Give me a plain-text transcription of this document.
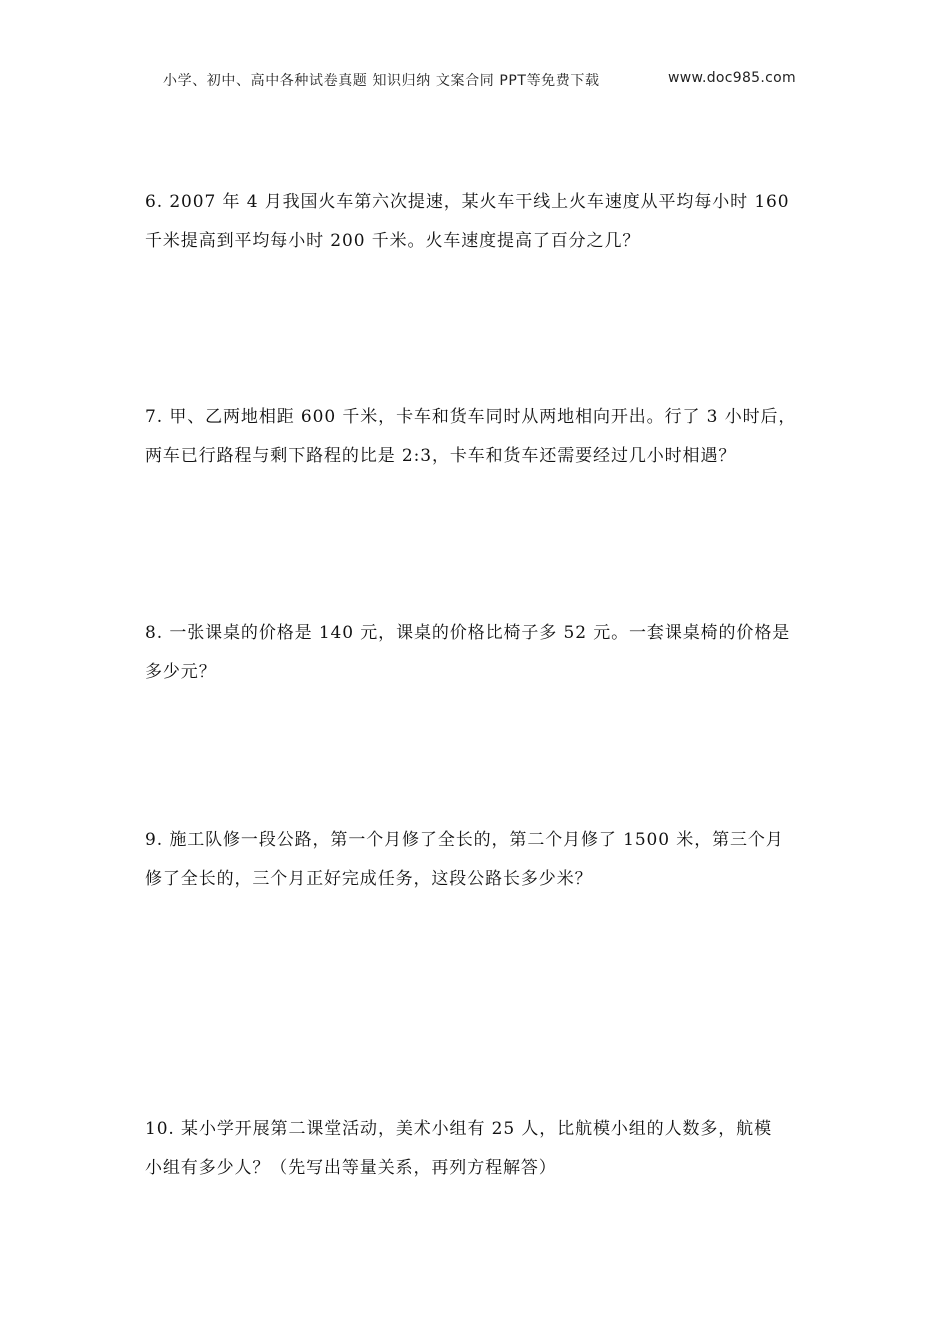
小学、初中、高中各种试卷真题 知识归纳 文案合同 PPT等免费下载	www.doc985.com

6. 2007 年 4 月我国火车第六次提速，某火车干线上火车速度从平均每小时 160

千米提高到平均每小时 200 千米。火车速度提高了百分之几？

7. 甲、乙两地相距 600 千米，卡车和货车同时从两地相向开出。行了 3 小时后，

两车已行路程与剩下路程的比是 2:3，卡车和货车还需要经过几小时相遇？

8. 一张课桌的价格是 140 元，课桌的价格比椅子多 52 元。一套课桌椅的价格是

多少元？

9. 施工队修一段公路，第一个月修了全长的，第二个月修了 1500 米，第三个月

修了全长的，三个月正好完成任务，这段公路长多少米？

10. 某小学开展第二课堂活动，美术小组有 25 人，比航模小组的人数多，航模

小组有多少人？（先写出等量关系，再列方程解答）
